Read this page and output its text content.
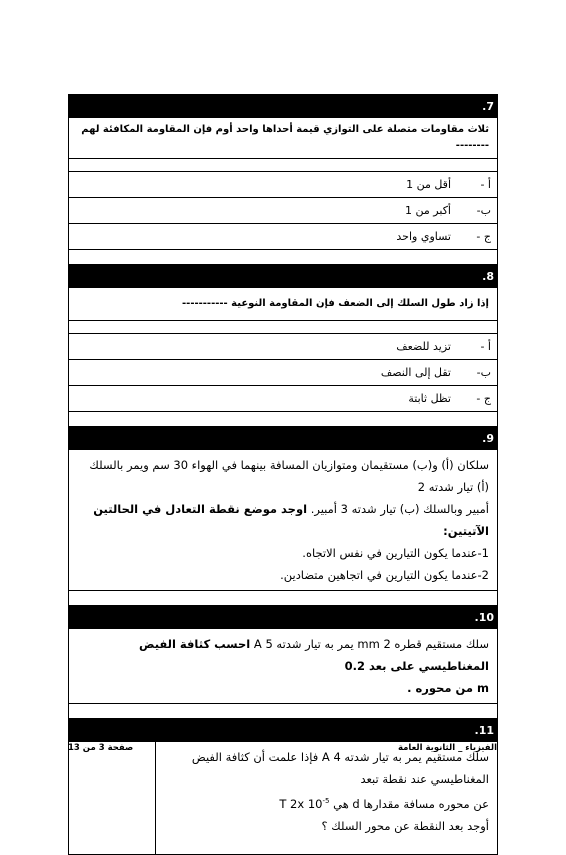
7.		
ثلاث مقاومات متصلة على التوازي قيمة أحداها واحد أوم فإن المقاومة المكافئة لهم --------		

أ -أقل من 1		
ب-أكبر من 1		
ج -تساوي واحد		

8.		
إذا زاد طول السلك إلى الضعف فإن المقاومة النوعية -----------		

أ -تزيد للضعف		
ب-تقل إلى النصف		
ج -تظل ثابتة		

9.		

سلكان (أ) و(ب) مستقيمان ومتوازيان المسافة بينهما في الهواء 30 سم ويمر بالسلك (أ) تيار شدته 2
أمبير وبالسلك (ب) تيار شدته 3 أمبير. اوجد موضع نقطة التعادل في الحالتين الآتيتين:
1-عندما يكون التيارين في نفس الاتجاه.
2-عندما يكون التيارين في اتجاهين متضادين.		

10.		

سلك مستقيم قطره 2 mm يمر به تيار شدته 5 A احسب كثافة الفيض المغناطيسي على بعد 0.2
m من محوره .		

11.		

سلك مستقيم يمر به تيار شدته 4 A فإذا علمت أن كثافة الفيض المغناطيسي عند نقطة تبعد
عن محوره مسافة مقدارها d هي T 2x $10^{-5}$
أوجد بعد النقطة عن محور السلك ؟		

الفيزياء _ الثانوية العامة
صفحة 3 من 13
